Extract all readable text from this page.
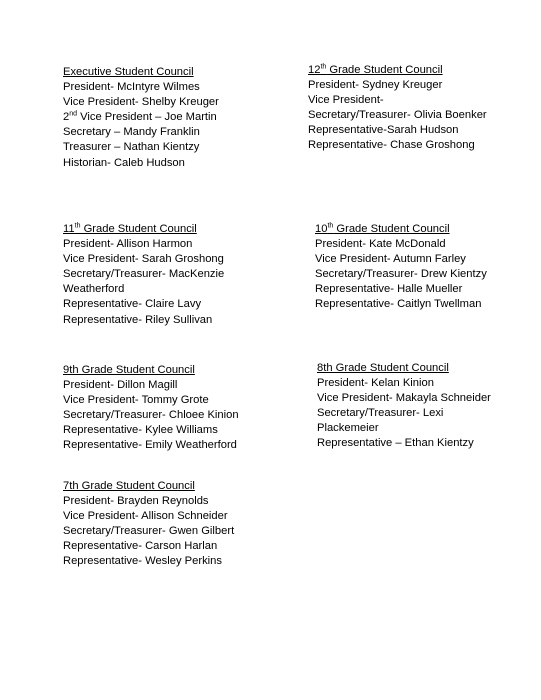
Executive Student Council
President- McIntyre Wilmes
Vice President- Shelby Kreuger
2nd Vice President – Joe Martin
Secretary – Mandy Franklin
Treasurer – Nathan Kientzy
Historian- Caleb Hudson
12th Grade Student Council
President- Sydney Kreuger
Vice President-
Secretary/Treasurer- Olivia Boenker
Representative-Sarah Hudson
Representative- Chase Groshong
11th Grade Student Council
President- Allison Harmon
Vice President- Sarah Groshong
Secretary/Treasurer- MacKenzie
Weatherford
Representative- Claire Lavy
Representative- Riley Sullivan
10th Grade Student Council
President- Kate McDonald
Vice President- Autumn Farley
Secretary/Treasurer- Drew Kientzy
Representative- Halle Mueller
Representative- Caitlyn Twellman
9th Grade Student Council
President- Dillon Magill
Vice President- Tommy Grote
Secretary/Treasurer- Chloee Kinion
Representative- Kylee Williams
Representative- Emily Weatherford
8th Grade Student Council
President- Kelan Kinion
Vice President- Makayla Schneider
Secretary/Treasurer- Lexi
Plackemeier
Representative – Ethan Kientzy
7th Grade Student Council
President- Brayden Reynolds
Vice President- Allison Schneider
Secretary/Treasurer- Gwen Gilbert
Representative- Carson Harlan
Representative- Wesley Perkins
